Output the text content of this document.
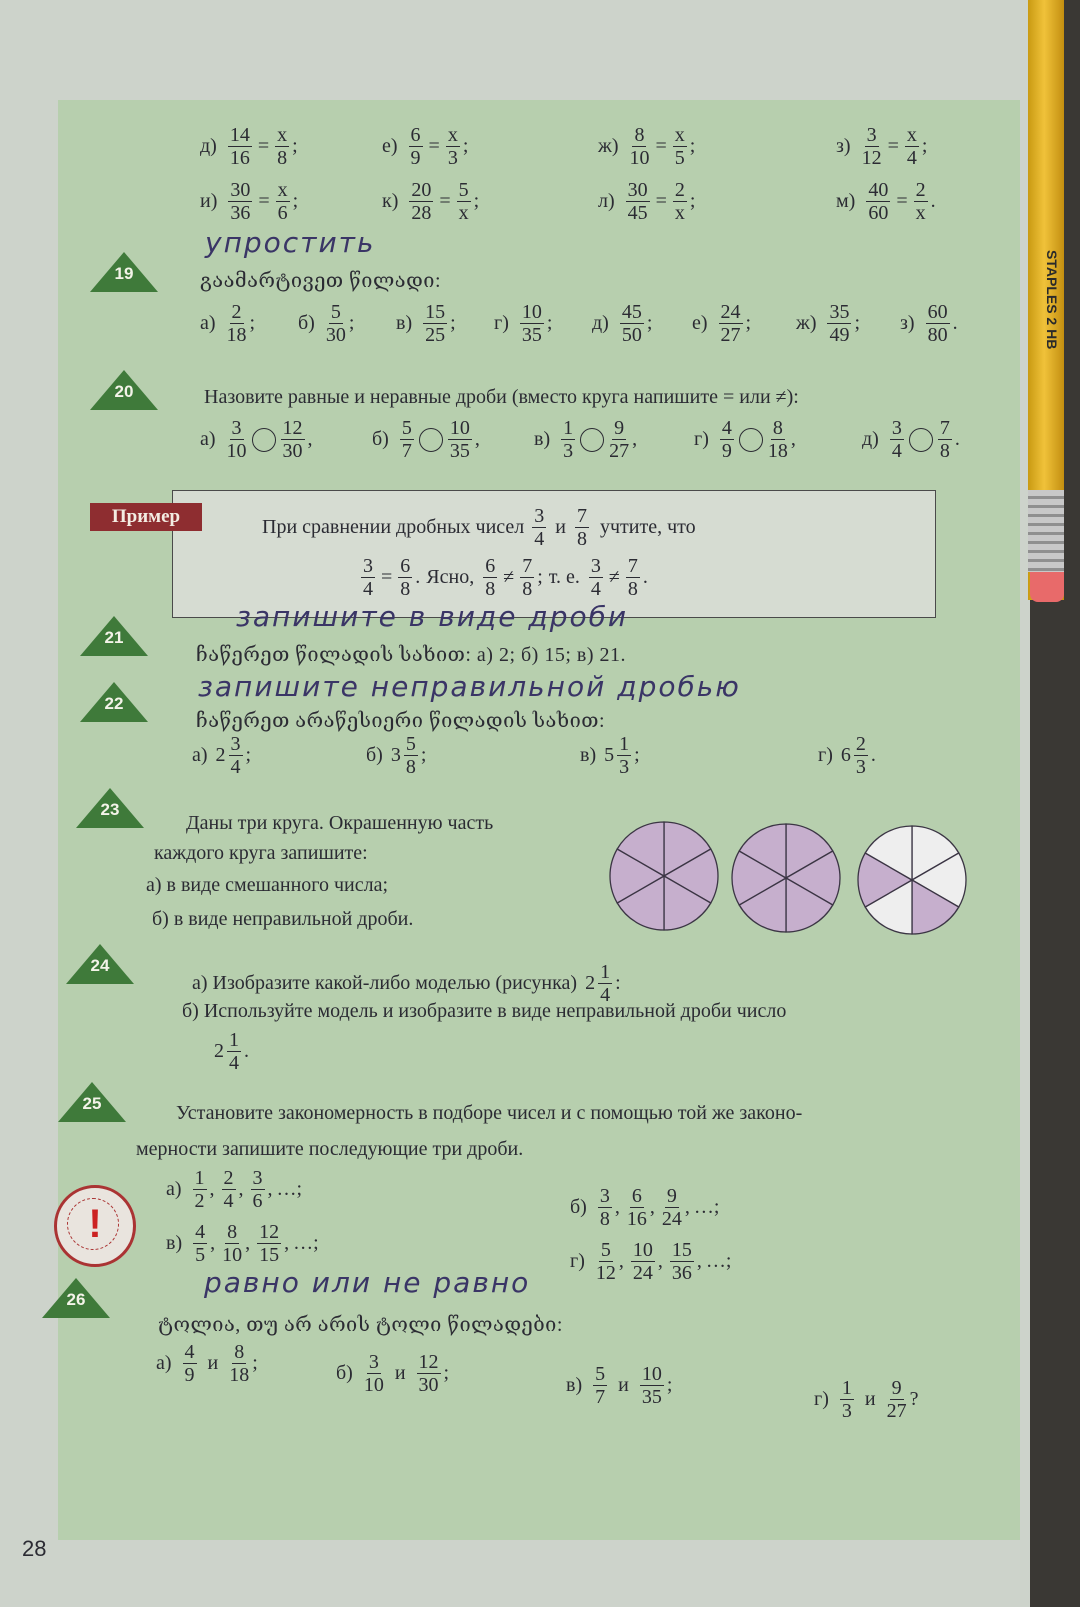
STAPLES 2 HB
$д) \frac{14}{16} = \frac{x}{8}$ ;	$е) \frac{6}{9} = \frac{x}{3}$ ;	$ж) \frac{8}{10} = \frac{x}{5}$ ;	$з) \frac{3}{12} = \frac{x}{4}$ ;
$и) \frac{30}{36} = \frac{x}{6}$ ;	$к) \frac{20}{28} = \frac{5}{x}$ ;	$л) \frac{30}{45} = \frac{2}{x}$ ;	$м) \frac{40}{60} = \frac{2}{x}$ .
19
упростить
გაამარტივეთ წილადი:
а) 2
18
; б) 5
30
; в) 15
25
; г) 10
35
; д) 45
50
; е) 24
27
; ж) 35
49
; з) 60
80
.
20	Назовите равные и неравные дроби (вместо круга напишите = или ≠):
а) 3
10
12
30
,	б) 5
7
10
35
,	в) 1
3
9
27
,	г) 4
9
8
18
,	д) 3
4
7
8
.
Пример	При сравнении дробных чисел 3
4
и 7
8
учтите, что
$\frac{3}{4} = \frac{6}{8}$ . Ясно, 6
8
≠ 7
8
; т. е. 3
4
≠ 7
8
.
21
запишите в виде дроби
ჩაწერეთ წილადის სახით: а) 2; б) 15; в) 21.
22
запишите неправильной дробью
ჩაწერეთ არაწესიერი წილადის სახით:
а) 2 3
4
;	б) 3 5
8
;	в) 5 1
3
;	г) 6 2
3
.
23
Даны три круга. Окрашенную часть
каждого круга запишите:
а) в виде смешанного числа;
б) в виде неправильной дроби.
24
а) Изобразите какой-либо моделью (рисунка) 2 1
4
:
б) Используйте модель и изобразите в виде неправильной дроби число
2 1
4
.
25	Установите закономерность в подборе чисел и с помощью той же законо-
мерности запишите последующие три дроби.
а) 1
2
, 2
4
, 3
6
, …;
б) 3
8
, 6
16
, 9
24
, …;
в) 4
5
, 8
10
, 12
15
, …;
г) 5
12
, 10
24
, 15
36
, …;
!
26
равно или не равно
ტოლია, თუ არ არის ტოლი წილადები:
а) 4
9
и 8
18
;	б) 3
10
и 12
30
;
в) 5
7
и 10
35
;
г) 1
3
и 9
27
?
28
